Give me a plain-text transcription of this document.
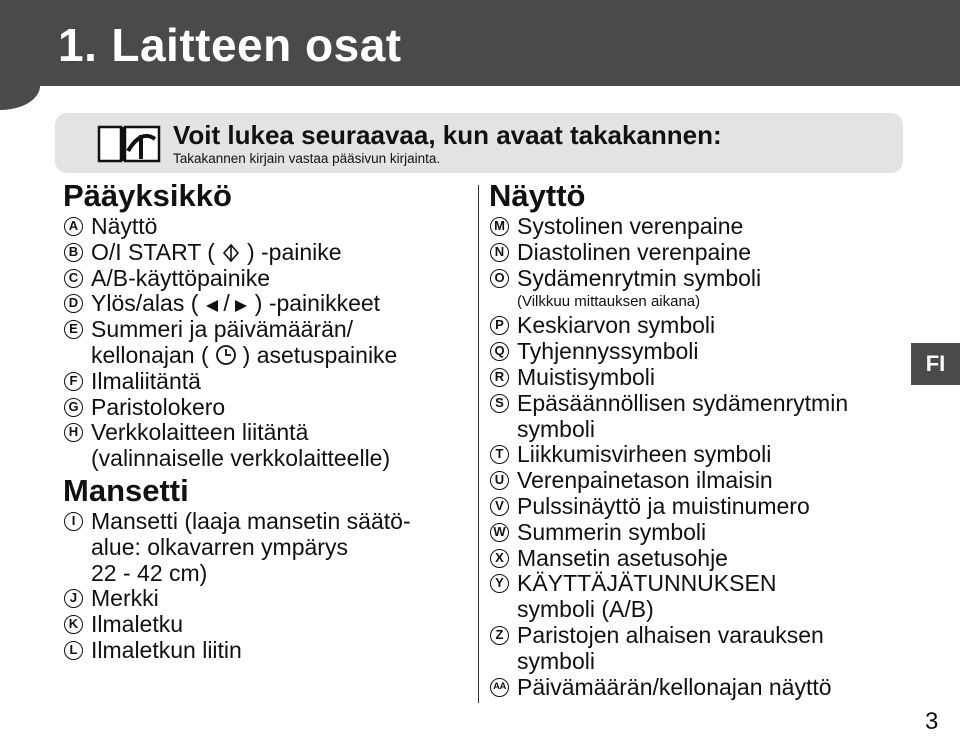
1. Laitteen osat
Voit lukea seuraavaa, kun avaat takakannen:
Takakannen kirjain vastaa pääsivun kirjainta.
Pääyksikkö
A Näyttö
B O/I START ( ) -painike
C A/B-käyttöpainike
D Ylös/alas ( / ) -painikkeet
E Summeri ja päivämäärän/
kellonajan ( ) asetuspainike
F Ilmaliitäntä
G Paristolokero
H Verkkolaitteen liitäntä
(valinnaiselle verkkolaitteelle)
Mansetti
I Mansetti (laaja mansetin säätö-
alue: olkavarren ympärys
22 - 42 cm)
J Merkki
K Ilmaletku
L Ilmaletkun liitin
Näyttö
M Systolinen verenpaine
N Diastolinen verenpaine
O Sydämenrytmin symboli
(Vilkkuu mittauksen aikana)
P Keskiarvon symboli
Q Tyhjennyssymboli
R Muistisymboli
S Epäsäännöllisen sydämenrytmin
symboli
T Liikkumisvirheen symboli
U Verenpainetason ilmaisin
V Pulssinäyttö ja muistinumero
W Summerin symboli
X Mansetin asetusohje
Y KÄYTTÄJÄTUNNUKSEN
symboli (A/B)
Z Paristojen alhaisen varauksen
symboli
AA Päivämäärän/kellonajan näyttö
FI
3
